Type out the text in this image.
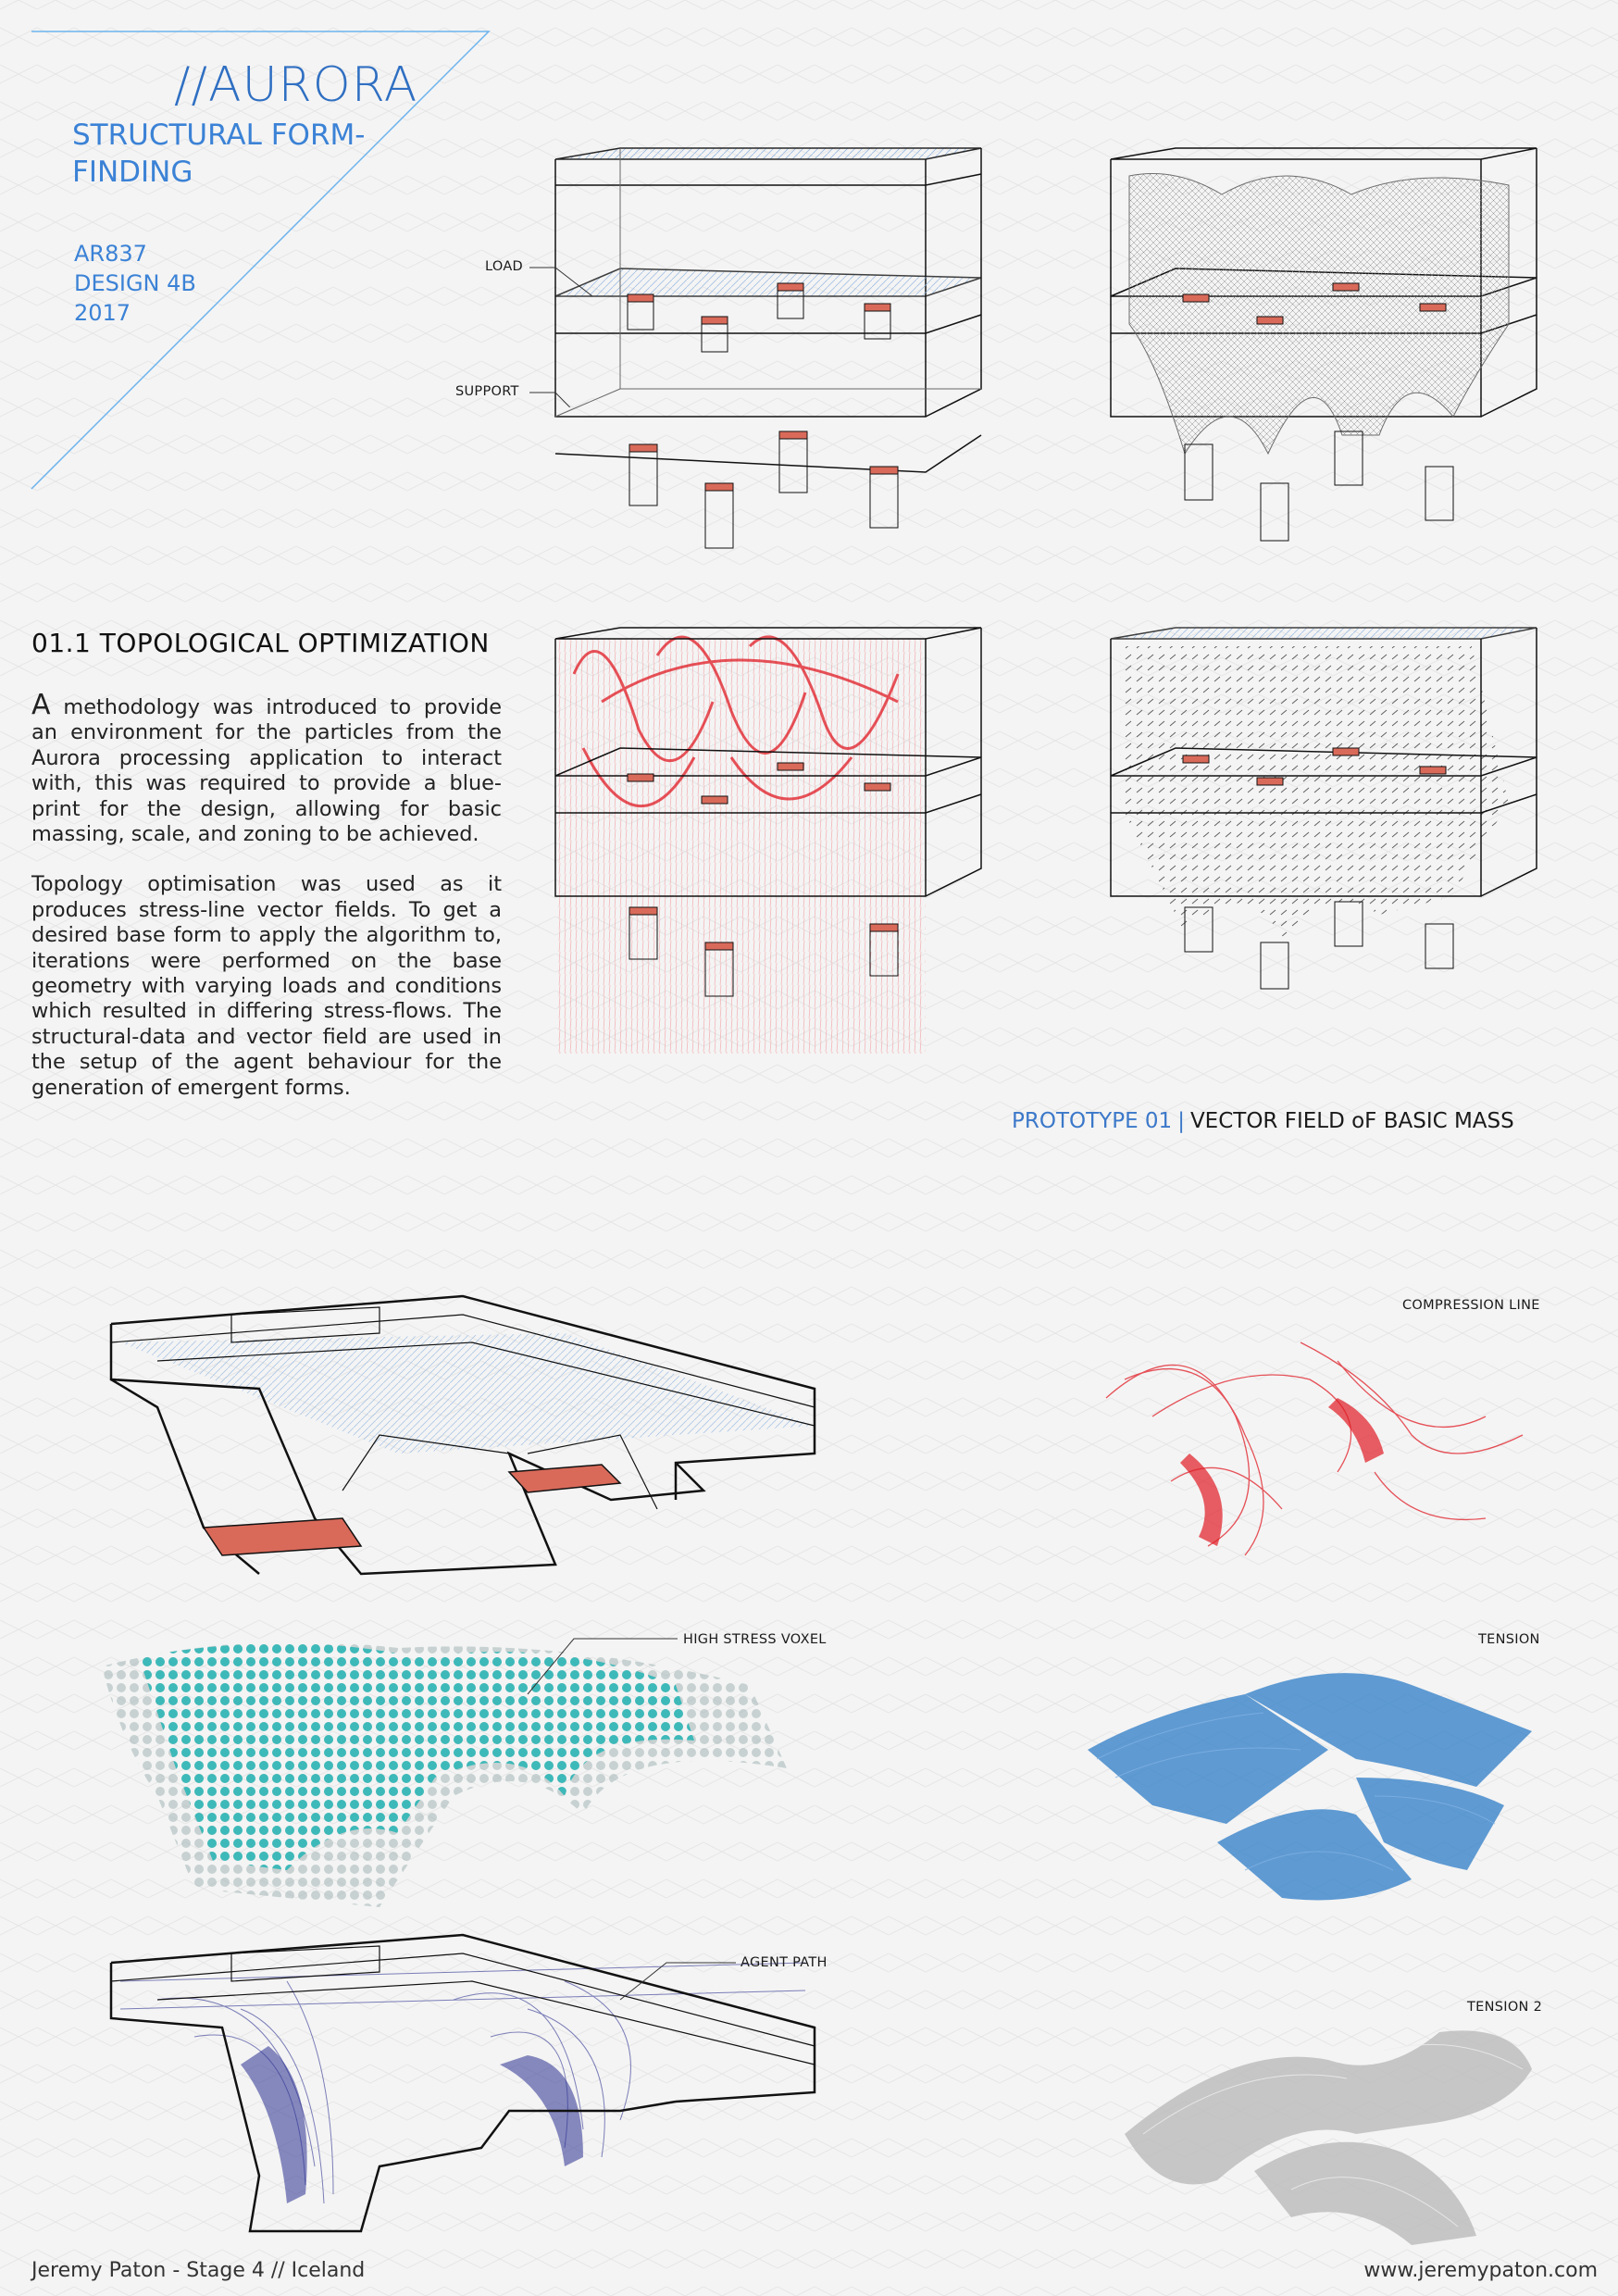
//AURORA
STRUCTURAL FORM-FINDING
AR837
DESIGN 4B
2017
LOAD
SUPPORT
01.1 TOPOLOGICAL OPTIMIZATION

A methodology was introduced to provide an environment for the particles from the Aurora processing application to interact with, this was required to provide a blue-print for the design, allowing for basic massing, scale, and zoning to be achieved.

Topology optimisation was used as it produces stress-line vector fields. To get a desired base form to apply the algorithm to, iterations were performed on the base geometry with varying loads and conditions which resulted in differing stress-flows. The structural-data and vector field are used in the setup of the agent behaviour for the generation of emergent forms.

PROTOTYPE 01 | VECTOR FIELD oF BASIC MASS
HIGH STRESS VOXEL
AGENT PATH
COMPRESSION LINE
TENSION
TENSION 2
Jeremy Paton - Stage 4 // Iceland	www.jeremypaton.com
